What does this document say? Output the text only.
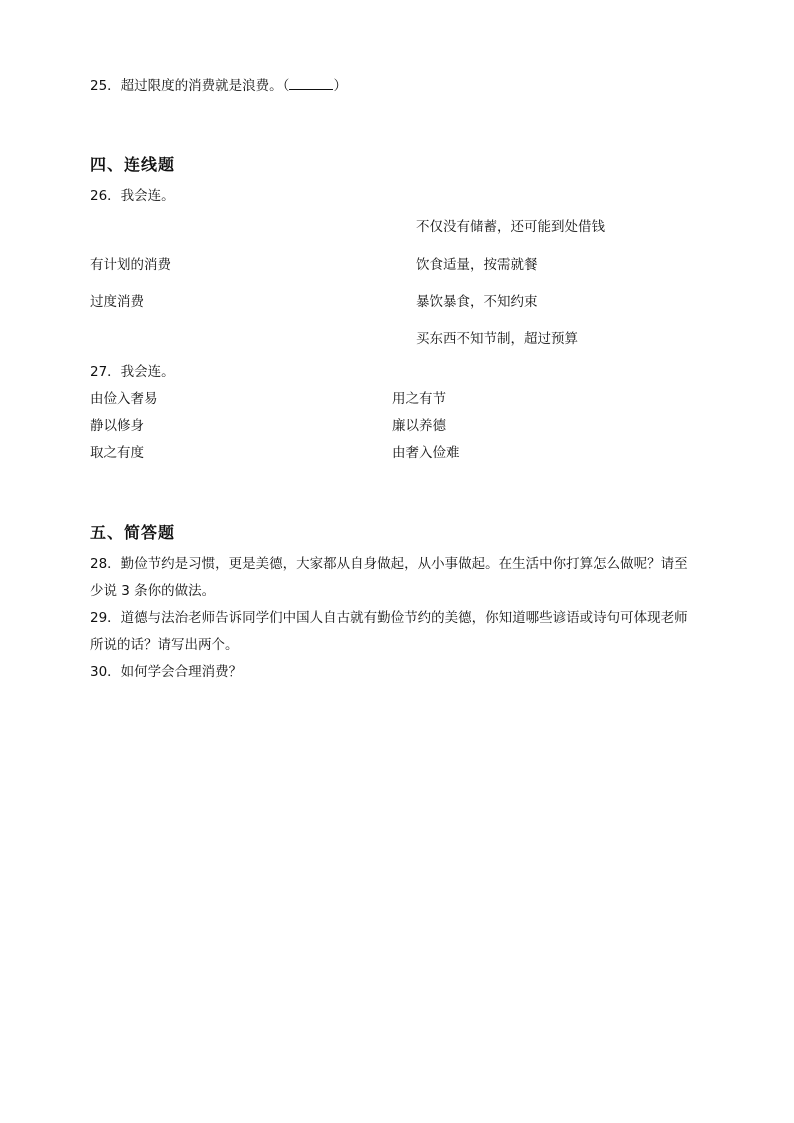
25．超过限度的消费就是浪费。（	）
四、连线题
26．我会连。
不仅没有储蓄，还可能到处借钱
有计划的消费	饮食适量，按需就餐
过度消费	暴饮暴食，不知约束
买东西不知节制，超过预算
27．我会连。
由俭入奢易	用之有节
静以修身	廉以养德
取之有度	由奢入俭难
五、简答题
28．勤俭节约是习惯，更是美德，大家都从自身做起，从小事做起。在生活中你打算怎么做呢？请至
少说 3 条你的做法。
29．道德与法治老师告诉同学们中国人自古就有勤俭节约的美德，你知道哪些谚语或诗句可体现老师
所说的话？请写出两个。
30．如何学会合理消费？
